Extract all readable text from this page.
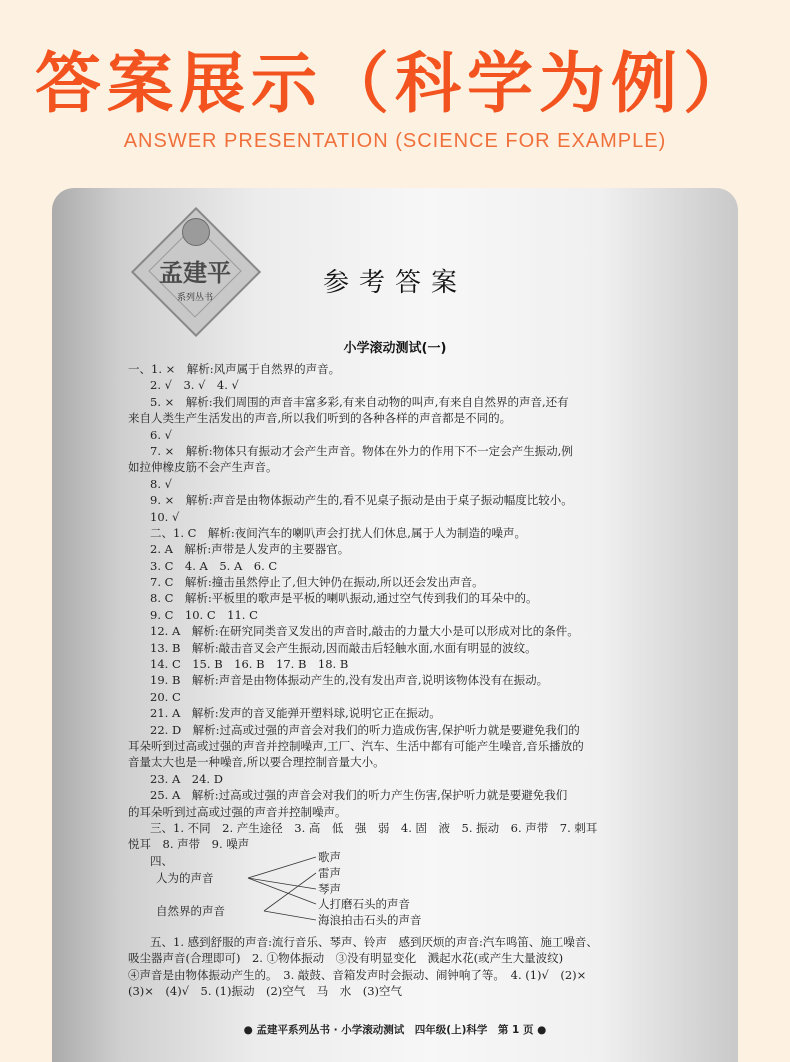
答案展示（科学为例）
ANSWER PRESENTATION (SCIENCE FOR EXAMPLE)
孟建平
系列丛书	参考答案
小学滚动测试(一)
一、1. ×　解析:风声属于自然界的声音。
2. √　3. √　4. √
5. ×　解析:我们周围的声音丰富多彩,有来自动物的叫声,有来自自然界的声音,还有
来自人类生产生活发出的声音,所以我们听到的各种各样的声音都是不同的。
6. √
7. ×　解析:物体只有振动才会产生声音。物体在外力的作用下不一定会产生振动,例
如拉伸橡皮筋不会产生声音。
8. √
9. ×　解析:声音是由物体振动产生的,看不见桌子振动是由于桌子振动幅度比较小。
10. √
二、1. C　解析:夜间汽车的喇叭声会打扰人们休息,属于人为制造的噪声。
2. A　解析:声带是人发声的主要器官。
3. C　4. A　5. A　6. C
7. C　解析:撞击虽然停止了,但大钟仍在振动,所以还会发出声音。
8. C　解析:平板里的歌声是平板的喇叭振动,通过空气传到我们的耳朵中的。
9. C　10. C　11. C
12. A　解析:在研究同类音叉发出的声音时,敲击的力量大小是可以形成对比的条件。
13. B　解析:敲击音叉会产生振动,因而敲击后轻触水面,水面有明显的波纹。
14. C　15. B　16. B　17. B　18. B
19. B　解析:声音是由物体振动产生的,没有发出声音,说明该物体没有在振动。
20. C
21. A　解析:发声的音叉能弹开塑料球,说明它正在振动。
22. D　解析:过高或过强的声音会对我们的听力造成伤害,保护听力就是要避免我们的
耳朵听到过高或过强的声音并控制噪声,工厂、汽车、生活中都有可能产生噪音,音乐播放的
音量太大也是一种噪音,所以要合理控制音量大小。
23. A　24. D
25. A　解析:过高或过强的声音会对我们的听力产生伤害,保护听力就是要避免我们
的耳朵听到过高或过强的声音并控制噪声。
三、1. 不同　2. 产生途径　3. 高　低　强　弱　4. 固　液　5. 振动　6. 声带　7. 刺耳
悦耳　8. 声带　9. 噪声
四、
人为的声音
自然界的声音
歌声
雷声
琴声
人打磨石头的声音
海浪拍击石头的声音
五、1. 感到舒服的声音:流行音乐、琴声、铃声　感到厌烦的声音:汽车鸣笛、施工噪音、
吸尘器声音(合理即可)　2. ①物体振动　③没有明显变化　溅起水花(或产生大量波纹)
④声音是由物体振动产生的。　3. 敲鼓、音箱发声时会振动、闹钟响了等。　4. (1)√　(2)×
(3)×　(4)√　5. (1)振动　(2)空气　马　水　(3)空气
● 孟建平系列丛书 · 小学滚动测试　四年级(上)科学　第 1 页 ●
